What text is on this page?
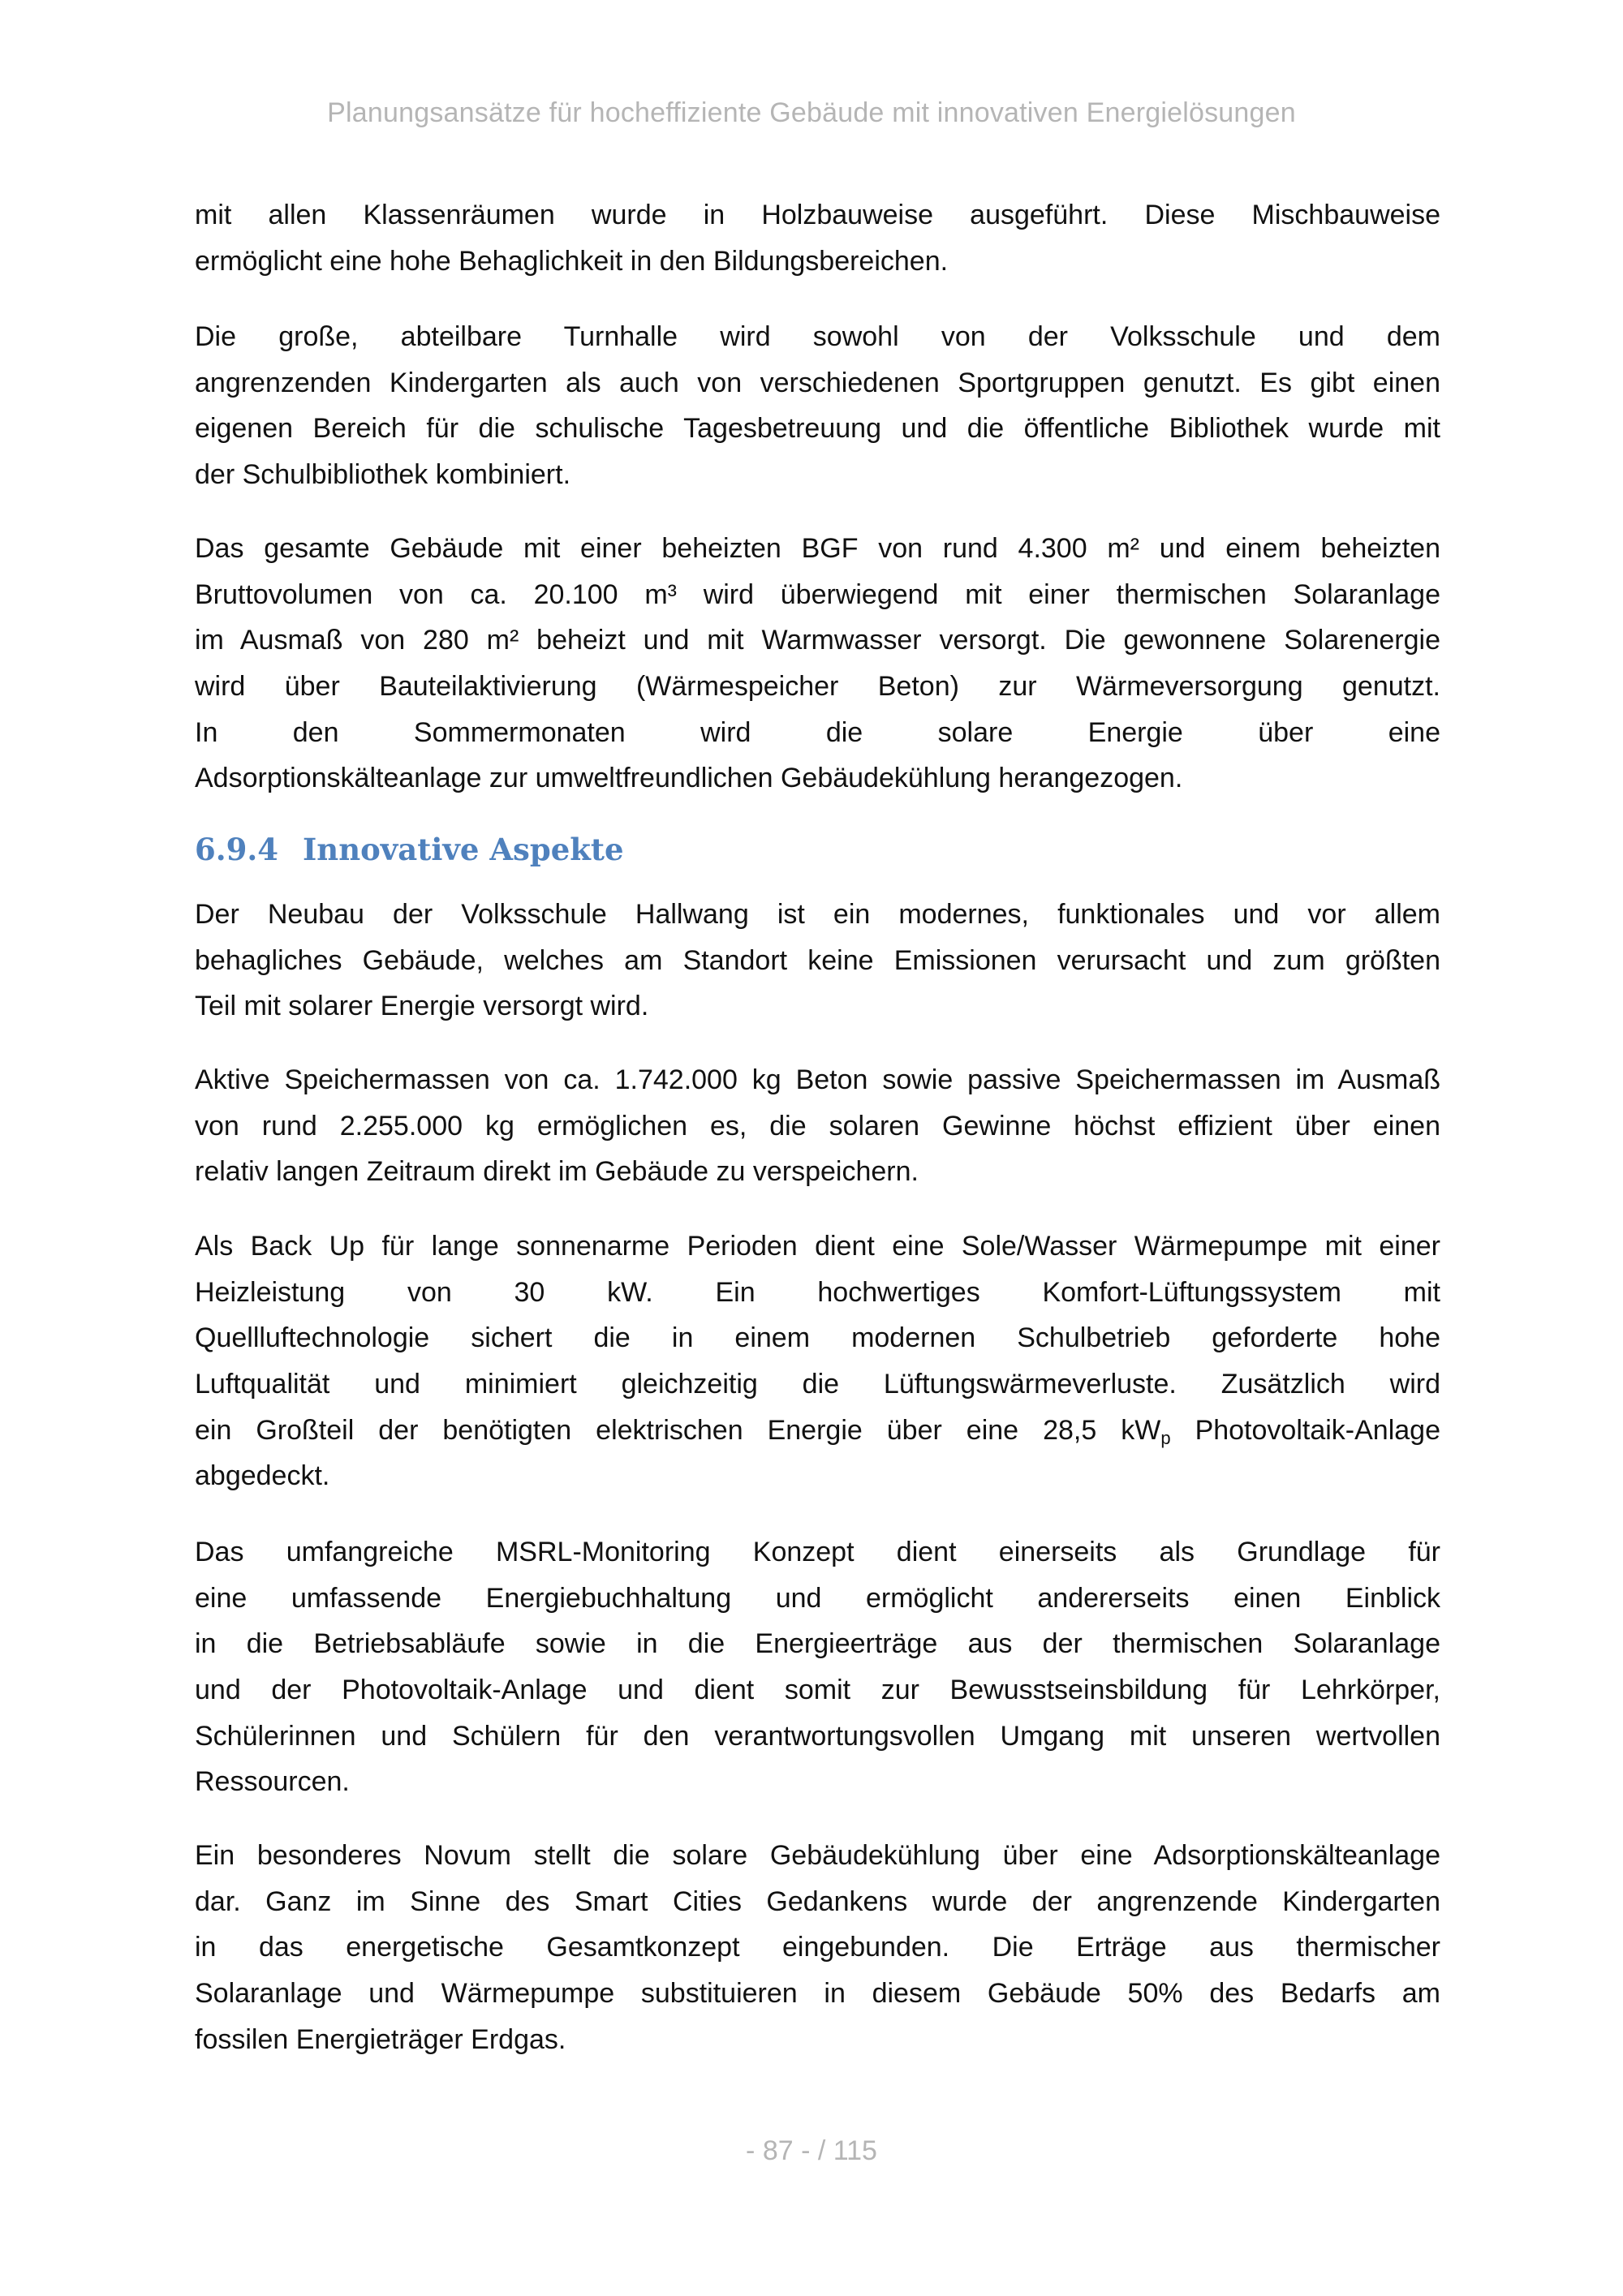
Planungsansätze für hocheffiziente Gebäude mit innovativen Energielösungen
mit allen Klassenräumen wurde in Holzbauweise ausgeführt. Diese Mischbauweise
ermöglicht eine hohe Behaglichkeit in den Bildungsbereichen.
Die große, abteilbare Turnhalle wird sowohl von der Volksschule und dem
angrenzenden Kindergarten als auch von verschiedenen Sportgruppen genutzt. Es gibt einen
eigenen Bereich für die schulische Tagesbetreuung und die öffentliche Bibliothek wurde mit
der Schulbibliothek kombiniert.
Das gesamte Gebäude mit einer beheizten BGF von rund 4.300 m² und einem beheizten
Bruttovolumen von ca. 20.100 m³ wird überwiegend mit einer thermischen Solaranlage
im Ausmaß von 280 m² beheizt und mit Warmwasser versorgt. Die gewonnene Solarenergie
wird über Bauteilaktivierung (Wärmespeicher Beton) zur Wärmeversorgung genutzt.
In den Sommermonaten wird die solare Energie über eine
Adsorptionskälteanlage zur umweltfreundlichen Gebäudekühlung herangezogen.
6.9.4 Innovative Aspekte
Der Neubau der Volksschule Hallwang ist ein modernes, funktionales und vor allem
behagliches Gebäude, welches am Standort keine Emissionen verursacht und zum größten
Teil mit solarer Energie versorgt wird.
Aktive Speichermassen von ca. 1.742.000 kg Beton sowie passive Speichermassen im Ausmaß
von rund 2.255.000 kg ermöglichen es, die solaren Gewinne höchst effizient über einen
relativ langen Zeitraum direkt im Gebäude zu verspeichern.
Als Back Up für lange sonnenarme Perioden dient eine Sole/Wasser Wärmepumpe mit einer
Heizleistung von 30 kW. Ein hochwertiges Komfort-Lüftungssystem mit
Quellluftechnologie sichert die in einem modernen Schulbetrieb geforderte hohe
Luftqualität und minimiert gleichzeitig die Lüftungswärmeverluste. Zusätzlich wird
ein Großteil der benötigten elektrischen Energie über eine 28,5 $kW_p$ Photovoltaik-Anlage
abgedeckt.
Das umfangreiche MSRL-Monitoring Konzept dient einerseits als Grundlage für
eine umfassende Energiebuchhaltung und ermöglicht andererseits einen Einblick
in die Betriebsabläufe sowie in die Energieerträge aus der thermischen Solaranlage
und der Photovoltaik-Anlage und dient somit zur Bewusstseinsbildung für Lehrkörper,
Schülerinnen und Schülern für den verantwortungsvollen Umgang mit unseren wertvollen
Ressourcen.
Ein besonderes Novum stellt die solare Gebäudekühlung über eine Adsorptionskälteanlage
dar. Ganz im Sinne des Smart Cities Gedankens wurde der angrenzende Kindergarten
in das energetische Gesamtkonzept eingebunden. Die Erträge aus thermischer
Solaranlage und Wärmepumpe substituieren in diesem Gebäude 50% des Bedarfs am
fossilen Energieträger Erdgas.
- 87 - / 115
